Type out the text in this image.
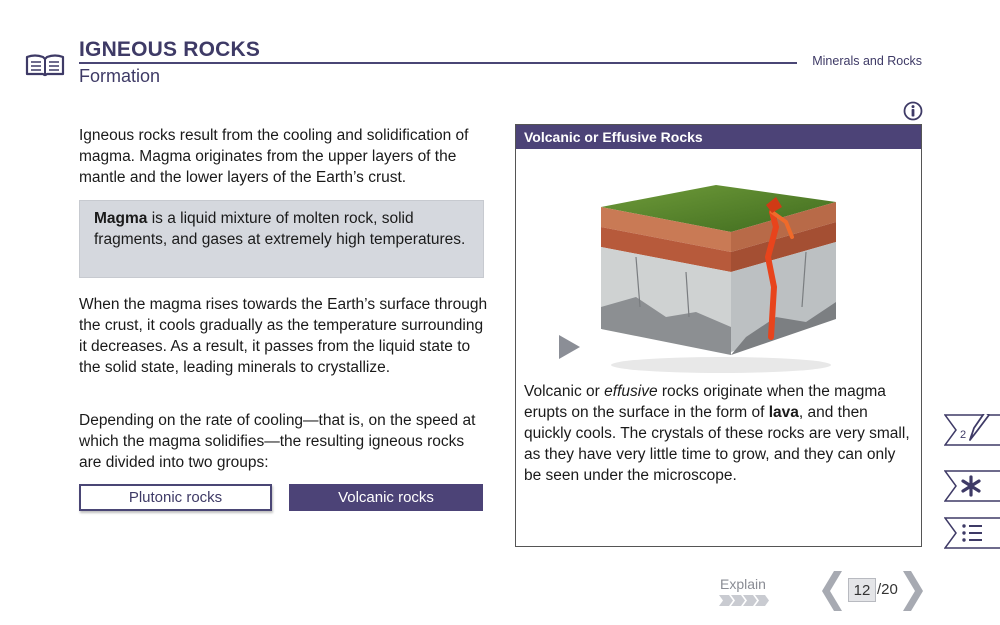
IGNEOUS ROCKS
Formation
Minerals and Rocks
Igneous rocks result from the cooling and solidification of magma. Magma originates from the upper layers of the mantle and the lower layers of the Earth’s crust.
Magma is a liquid mixture of molten rock, solid fragments, and gases at extremely high temperatures.
When the magma rises towards the Earth’s surface through the crust, it cools gradually as the temperature surrounding it decreases. As a result, it passes from the liquid state to the solid state, leading minerals to crystallize.
Depending on the rate of cooling—that is, on the speed at which the magma solidifies—the resulting igneous rocks are divided into two groups:
Plutonic rocks	Volcanic rocks
Volcanic or Effusive Rocks
Volcanic or effusive rocks originate when the magma erupts on the surface in the form of lava, and then quickly cools. The crystals of these rocks are very small, as they have very little time to grow, and they can only be seen under the microscope.
2
Explain	12 /20
